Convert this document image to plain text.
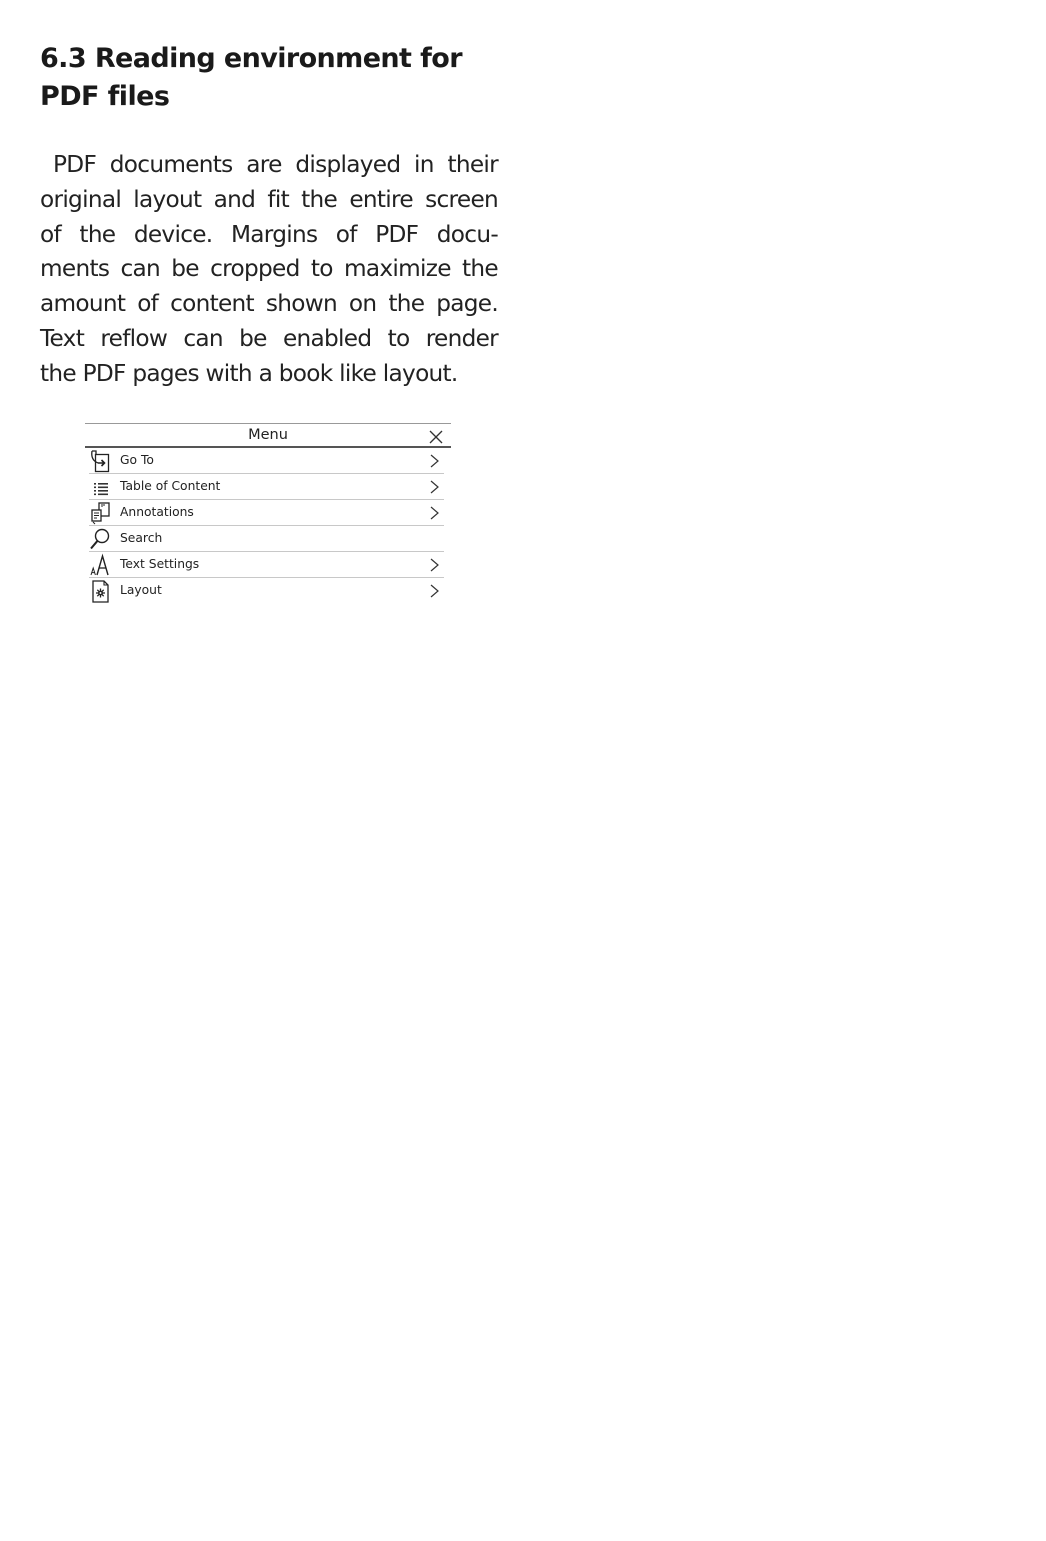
6.3 Reading environment for
PDF files

PDF documents are displayed in their
original layout and fit the entire screen
of the device. Margins of PDF docu-
ments can be cropped to maximize the
amount of content shown on the page.
Text reflow can be enabled to render
the PDF pages with a book like layout.

Menu
Go To
Table of Content
Annotations
Search
Text Settings
Layout
